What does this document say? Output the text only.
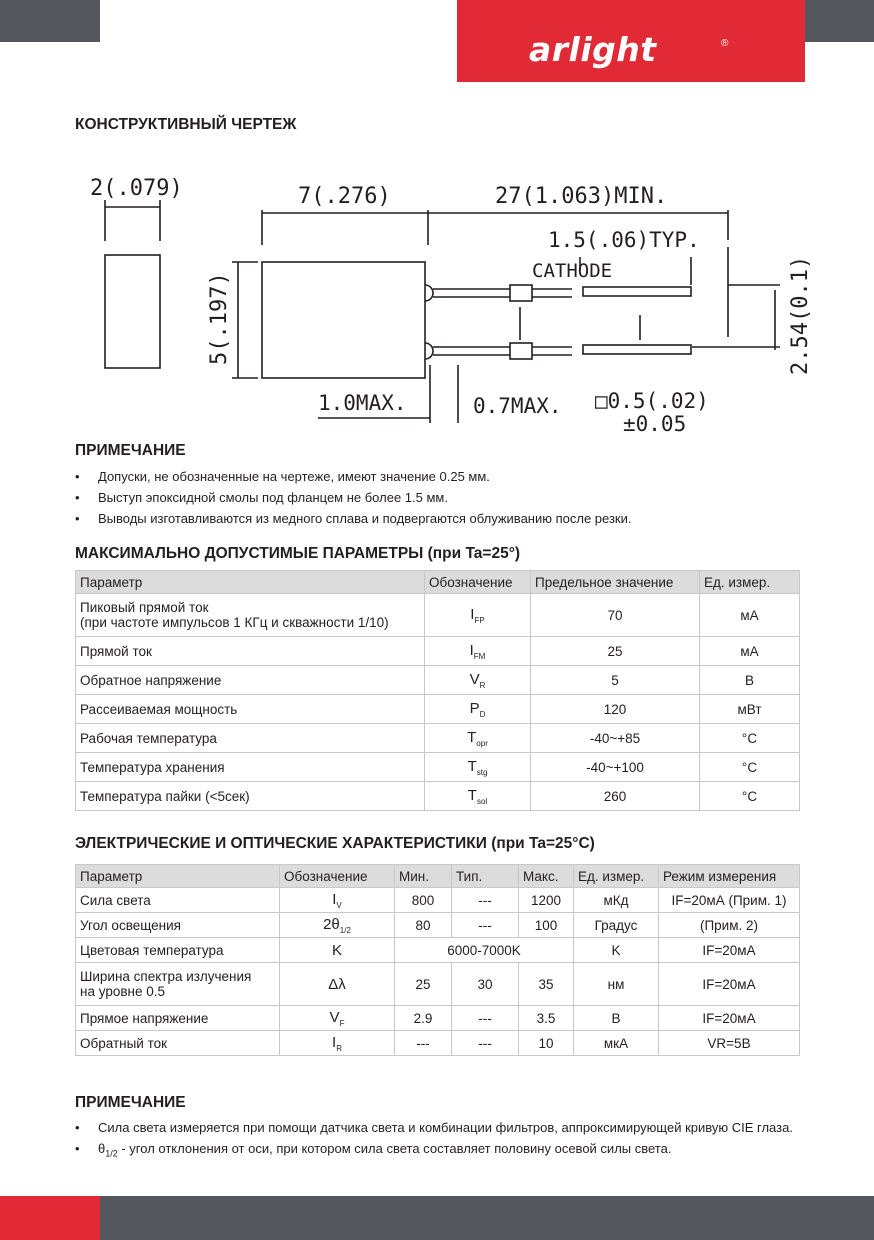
arlight	®
КОНСТРУКТИВНЫЙ ЧЕРТЕЖ
2(.079)	7(.276)	27(1.063)MIN.
1.5(.06)TYP.
CATHODE
5(.197)	2.54(0.1)
1.0MAX.	0.7MAX. □0.5(.02)
±0.05
ПРИМЕЧАНИЕ
• Допуски, не обозначенные на чертеже, имеют значение 0.25 мм.
• Выступ эпоксидной смолы под фланцем не более 1.5 мм.
• Выводы изготавливаются из медного сплава и подвергаются облуживанию после резки.
МАКСИМАЛЬНО ДОПУСТИМЫЕ ПАРАМЕТРЫ (при Ta=25°)
Параметр	Обозначение	Предельное значение	Ед. измер.
Пиковый прямой ток
(при частоте импульсов 1 КГц и скважности 1/10)	$I_{FP}$	70	мА
Прямой ток	$I_{FM}$	25	мА
Обратное напряжение	$V_R$	5	В
Рассеиваемая мощность	$P_D$	120	мВт
Рабочая температура	$T_{opr}$	-40~+85	°C
Температура хранения	$T_{stg}$	-40~+100	°C
Температура пайки (<5сек)	$T_{sol}$	260	°C
ЭЛЕКТРИЧЕСКИЕ И ОПТИЧЕСКИЕ ХАРАКТЕРИСТИКИ (при Ta=25°C)
Параметр	Обозначение	Мин.	Тип.	Макс.	Ед. измер.	Режим измерения
Сила света	$I_V$	800	---	1200	мКд	IF=20мА (Прим. 1)
Угол освещения	$2\theta_{1/2}$	80	---	100	Градус	(Прим. 2)
Цветовая температура	K	6000-7000K			K	IF=20мА
Ширина спектра излучения
на уровне 0.5	Δλ	25	30	35	нм	IF=20мА
Прямое напряжение	$V_F$	2.9	---	3.5	В	IF=20мА
Обратный ток	$I_R$	---	---	10	мкА	VR=5В
ПРИМЕЧАНИЕ
• Сила света измеряется при помощи датчика света и комбинации фильтров, аппроксимирующей кривую CIE глаза.
• $\theta_{1/2}$ - угол отклонения от оси, при котором сила света составляет половину осевой силы света.
